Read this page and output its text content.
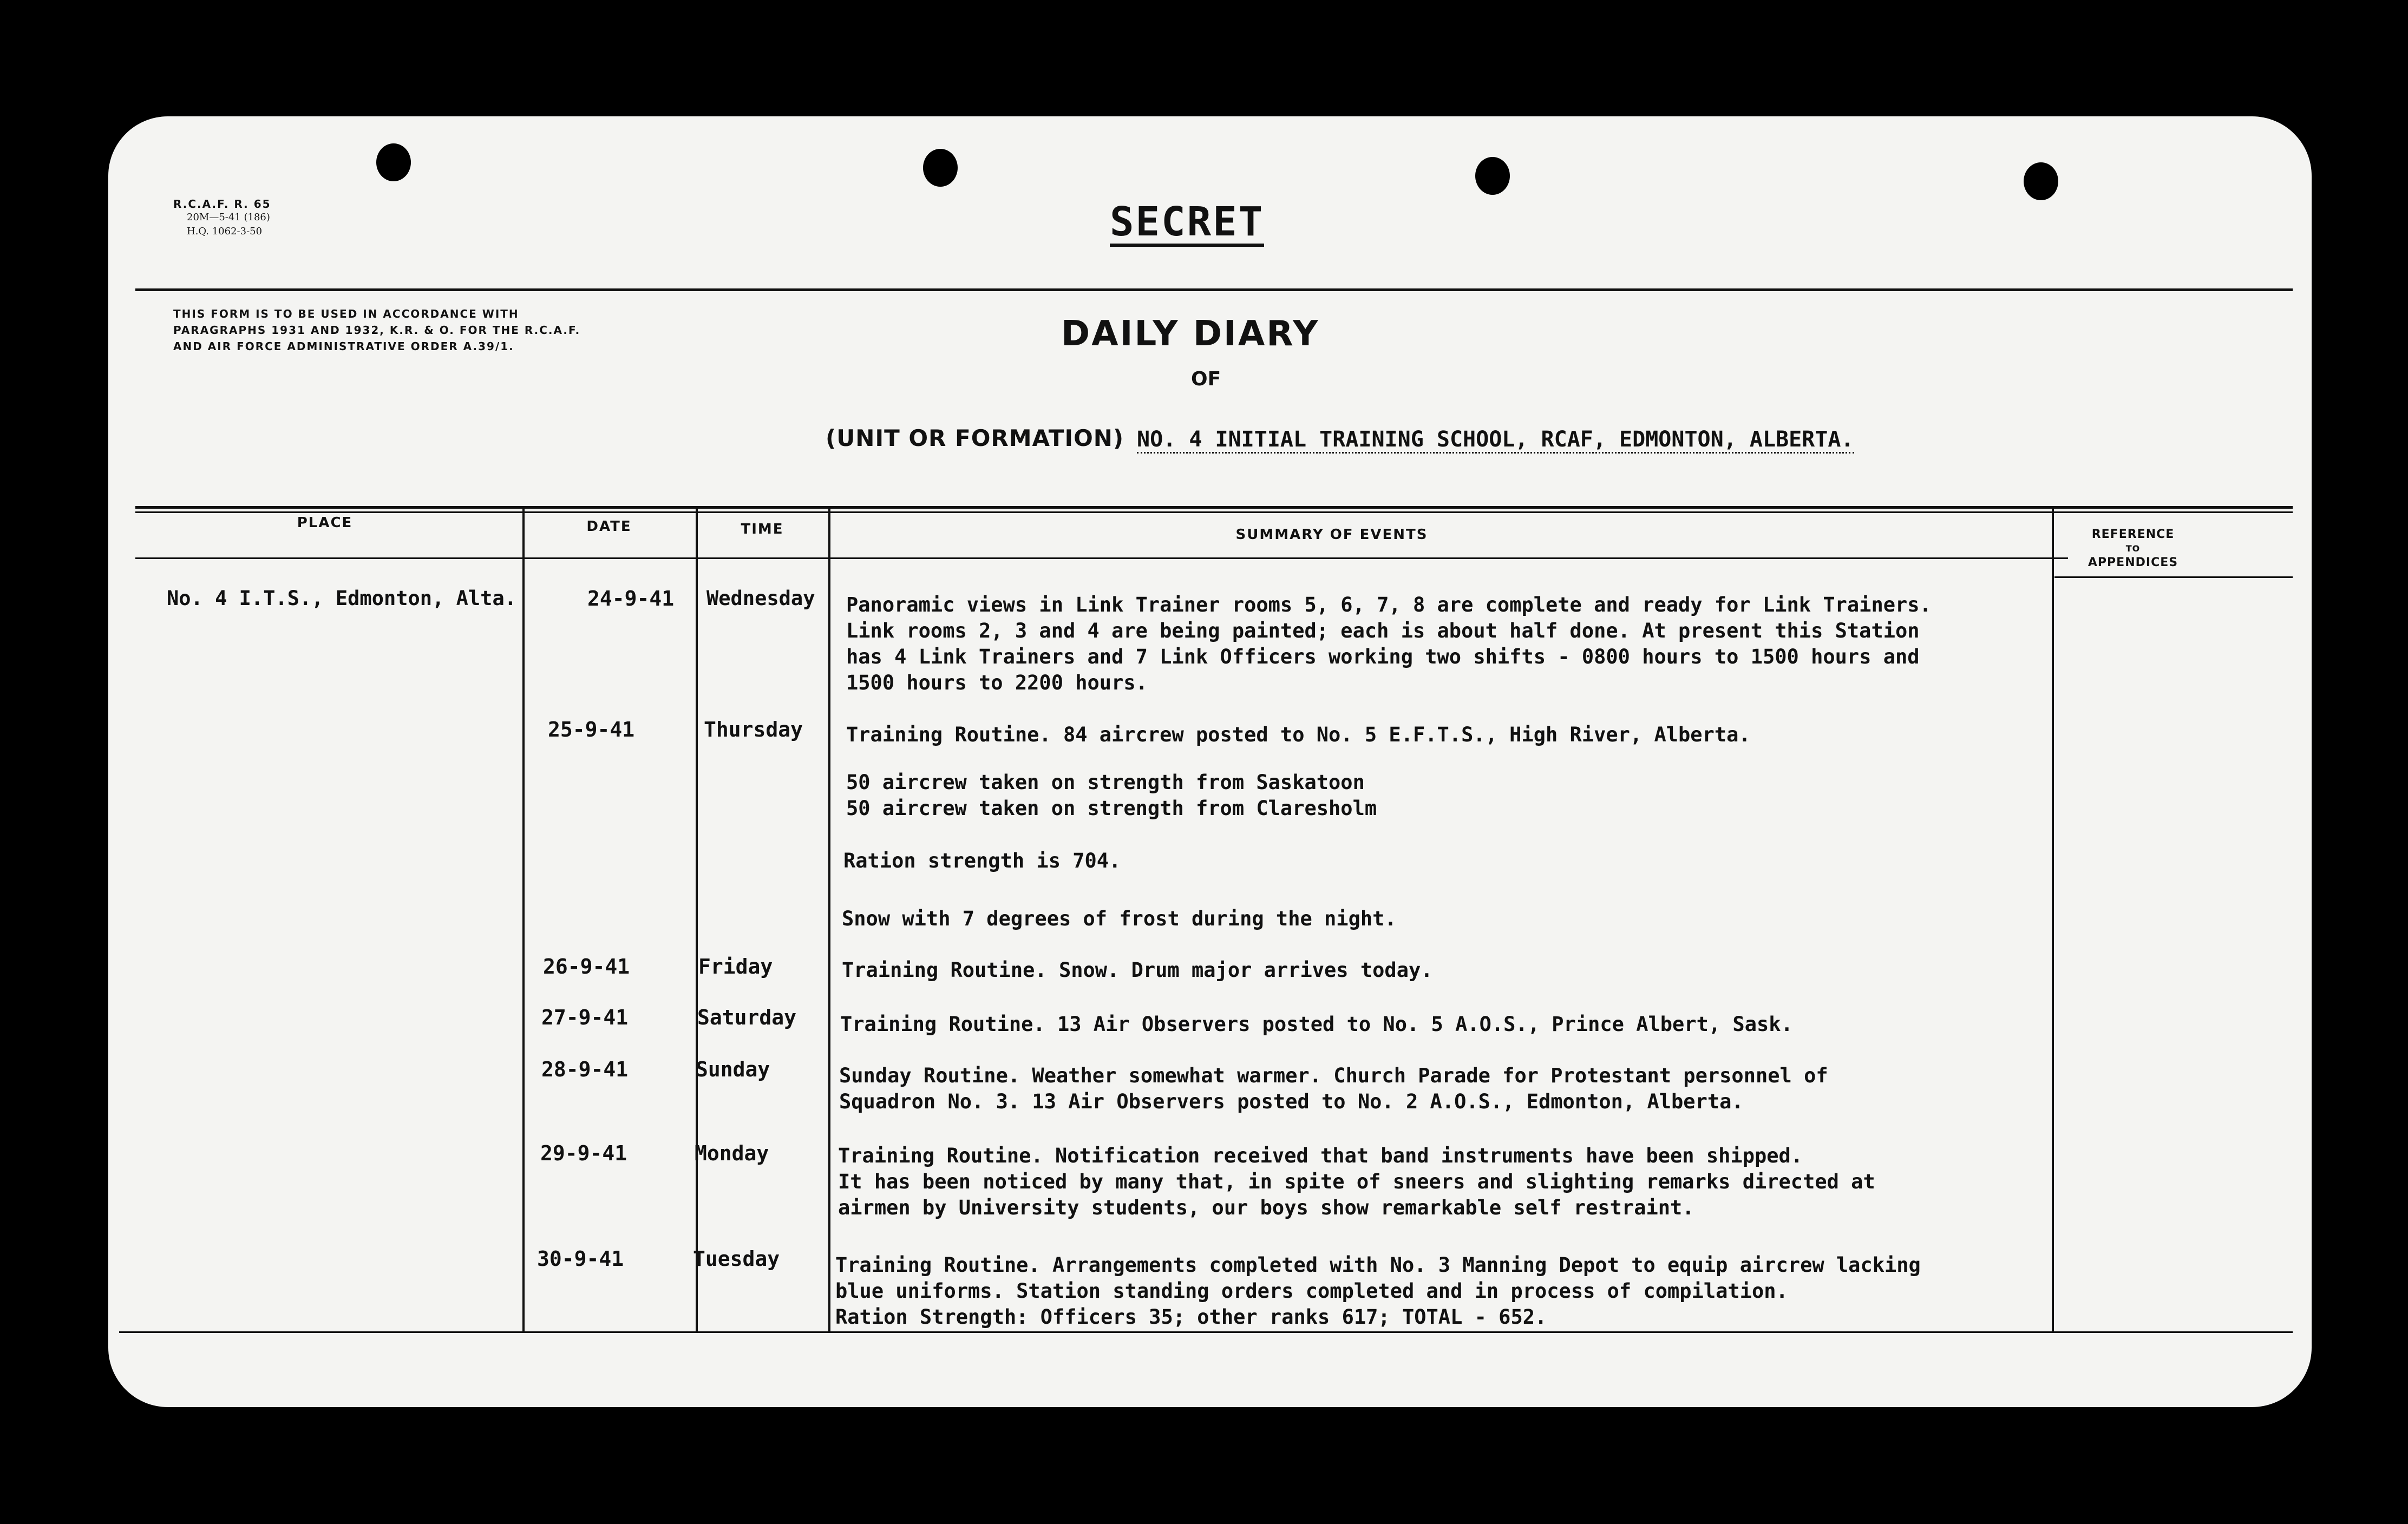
R.C.A.F. R. 65
20M—5-41 (186)
H.Q. 1062-3-50	SECRET
THIS FORM IS TO BE USED IN ACCORDANCE WITH PARAGRAPHS 1931 AND 1932, K.R. & O. FOR THE R.C.A.F. AND AIR FORCE ADMINISTRATIVE ORDER A.39/1.	DAILY DIARY
OF
(UNIT OR FORMATION) NO. 4 INITIAL TRAINING SCHOOL, RCAF, EDMONTON, ALBERTA.
PLACE	DATE	TIME	SUMMARY OF EVENTS	REFERENCE
TO
APPENDICES
No. 4 I.T.S., Edmonton, Alta.	24-9-41 Wednesday Panoramic views in Link Trainer rooms 5, 6, 7, 8 are complete and ready for Link Trainers.
Link rooms 2, 3 and 4 are being painted; each is about half done. At present this Station
has 4 Link Trainers and 7 Link Officers working two shifts - 0800 hours to 1500 hours and
1500 hours to 2200 hours.
25-9-41	Thursday Training Routine. 84 aircrew posted to No. 5 E.F.T.S., High River, Alberta.
50 aircrew taken on strength from Saskatoon
50 aircrew taken on strength from Claresholm
Ration strength is 704.
Snow with 7 degrees of frost during the night.
26-9-41	Friday	Training Routine. Snow. Drum major arrives today.
27-9-41	Saturday Training Routine. 13 Air Observers posted to No. 5 A.O.S., Prince Albert, Sask.
28-9-41	Sunday	Sunday Routine. Weather somewhat warmer. Church Parade for Protestant personnel of
Squadron No. 3. 13 Air Observers posted to No. 2 A.O.S., Edmonton, Alberta.
29-9-41	Monday	Training Routine. Notification received that band instruments have been shipped.
It has been noticed by many that, in spite of sneers and slighting remarks directed at
airmen by University students, our boys show remarkable self restraint.
30-9-41	Tuesday	Training Routine. Arrangements completed with No. 3 Manning Depot to equip aircrew lacking
blue uniforms. Station standing orders completed and in process of compilation.
Ration Strength: Officers 35; other ranks 617; TOTAL - 652.
